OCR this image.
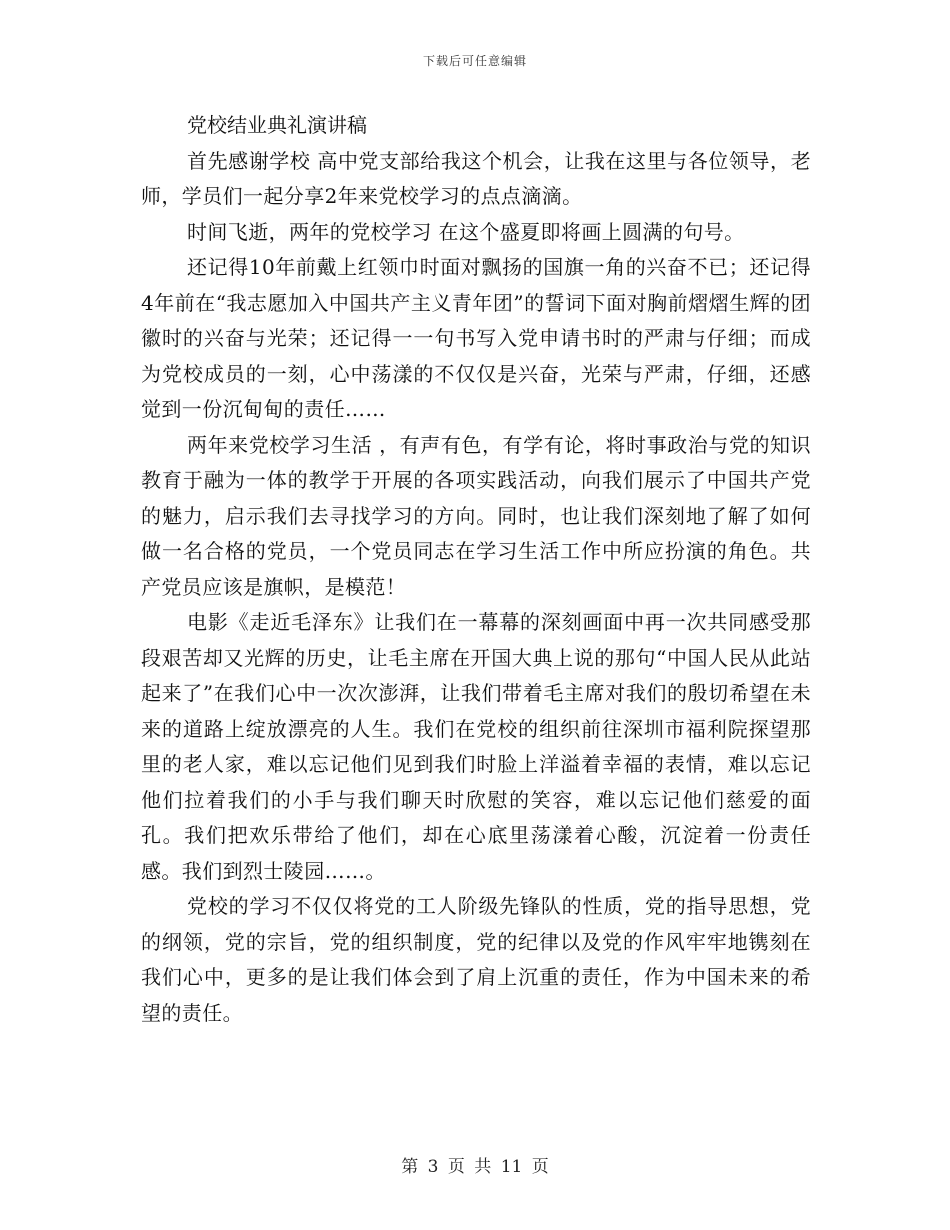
下载后可任意编辑
党校结业典礼演讲稿

首先感谢学校 高中党支部给我这个机会，让我在这里与各位领导，老师，学员们一起分享2年来党校学习的点点滴滴。

时间飞逝，两年的党校学习 在这个盛夏即将画上圆满的句号。

还记得10年前戴上红领巾时面对飘扬的国旗一角的兴奋不已；还记得4年前在“我志愿加入中国共产主义青年团”的誓词下面对胸前熠熠生辉的团徽时的兴奋与光荣；还记得一一句书写入党申请书时的严肃与仔细；而成为党校成员的一刻，心中荡漾的不仅仅是兴奋，光荣与严肃，仔细，还感觉到一份沉甸甸的责任……

两年来党校学习生活 ，有声有色，有学有论，将时事政治与党的知识教育于融为一体的教学于开展的各项实践活动，向我们展示了中国共产党的魅力，启示我们去寻找学习的方向。同时，也让我们深刻地了解了如何做一名合格的党员，一个党员同志在学习生活工作中所应扮演的角色。共产党员应该是旗帜，是模范！

电影《走近毛泽东》让我们在一幕幕的深刻画面中再一次共同感受那段艰苦却又光辉的历史，让毛主席在开国大典上说的那句“中国人民从此站起来了”在我们心中一次次澎湃，让我们带着毛主席对我们的殷切希望在未来的道路上绽放漂亮的人生。我们在党校的组织前往深圳市福利院探望那里的老人家，难以忘记他们见到我们时脸上洋溢着幸福的表情，难以忘记他们拉着我们的小手与我们聊天时欣慰的笑容，难以忘记他们慈爱的面孔。我们把欢乐带给了他们，却在心底里荡漾着心酸，沉淀着一份责任感。我们到烈士陵园……。

党校的学习不仅仅将党的工人阶级先锋队的性质，党的指导思想，党的纲领，党的宗旨，党的组织制度，党的纪律以及党的作风牢牢地镌刻在我们心中，更多的是让我们体会到了肩上沉重的责任，作为中国未来的希望的责任。

第 3 页 共 11 页
